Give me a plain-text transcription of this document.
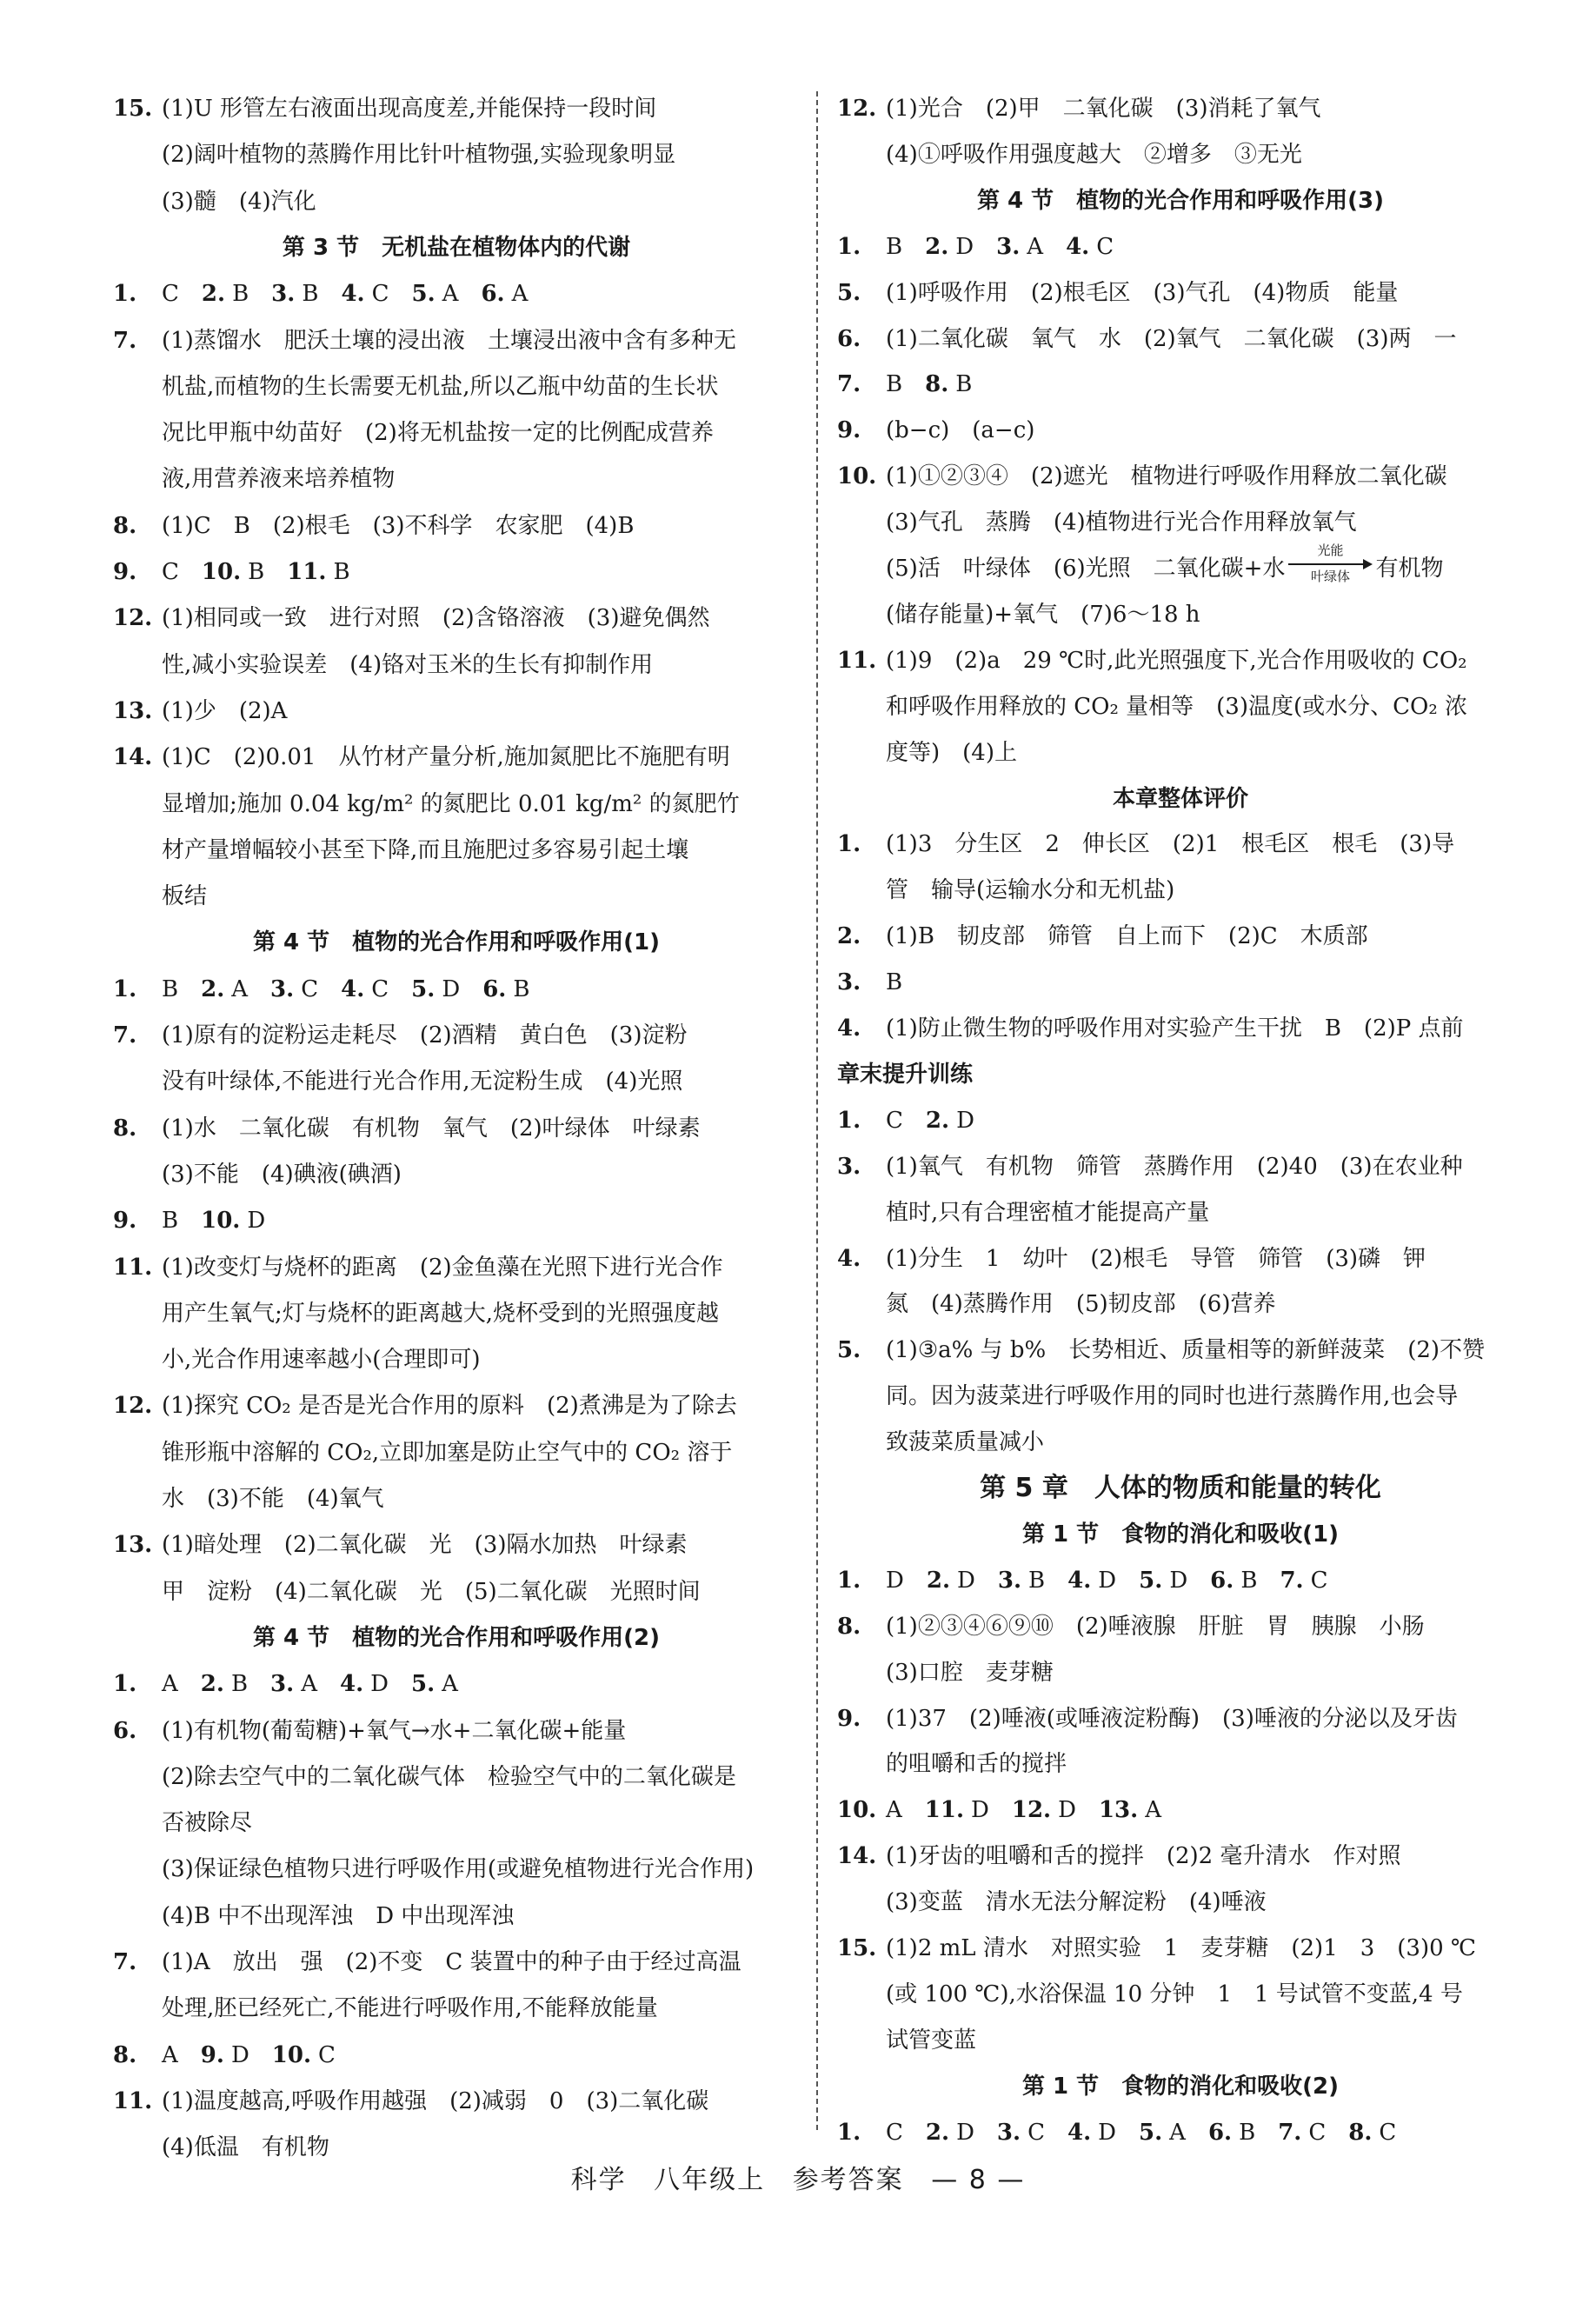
15. (1)U 形管左右液面出现高度差,并能保持一段时间
(2)阔叶植物的蒸腾作用比针叶植物强,实验现象明显
(3)髓　(4)汽化
第 3 节　无机盐在植物体内的代谢
1. C　2. B　3. B　4. C　5. A　6. A
7. (1)蒸馏水　肥沃土壤的浸出液　土壤浸出液中含有多种无
机盐,而植物的生长需要无机盐,所以乙瓶中幼苗的生长状
况比甲瓶中幼苗好　(2)将无机盐按一定的比例配成营养
液,用营养液来培养植物
8. (1)C　B　(2)根毛　(3)不科学　农家肥　(4)B
9. C　10. B　11. B
12. (1)相同或一致　进行对照　(2)含铬溶液　(3)避免偶然
性,减小实验误差　(4)铬对玉米的生长有抑制作用
13. (1)少　(2)A
14. (1)C　(2)0.01　从竹材产量分析,施加氮肥比不施肥有明
显增加;施加 0.04 kg/m² 的氮肥比 0.01 kg/m² 的氮肥竹
材产量增幅较小甚至下降,而且施肥过多容易引起土壤
板结
第 4 节　植物的光合作用和呼吸作用(1)
1. B　2. A　3. C　4. C　5. D　6. B
7. (1)原有的淀粉运走耗尽　(2)酒精　黄白色　(3)淀粉
没有叶绿体,不能进行光合作用,无淀粉生成　(4)光照
8. (1)水　二氧化碳　有机物　氧气　(2)叶绿体　叶绿素
(3)不能　(4)碘液(碘酒)
9. B　10. D
11. (1)改变灯与烧杯的距离　(2)金鱼藻在光照下进行光合作
用产生氧气;灯与烧杯的距离越大,烧杯受到的光照强度越
小,光合作用速率越小(合理即可)
12. (1)探究 CO₂ 是否是光合作用的原料　(2)煮沸是为了除去
锥形瓶中溶解的 CO₂,立即加塞是防止空气中的 CO₂ 溶于
水　(3)不能　(4)氧气
13. (1)暗处理　(2)二氧化碳　光　(3)隔水加热　叶绿素
甲　淀粉　(4)二氧化碳　光　(5)二氧化碳　光照时间
第 4 节　植物的光合作用和呼吸作用(2)
1. A　2. B　3. A　4. D　5. A
6. (1)有机物(葡萄糖)+氧气→水+二氧化碳+能量
(2)除去空气中的二氧化碳气体　检验空气中的二氧化碳是
否被除尽
(3)保证绿色植物只进行呼吸作用(或避免植物进行光合作用)
(4)B 中不出现浑浊　D 中出现浑浊
7. (1)A　放出　强　(2)不变　C 装置中的种子由于经过高温
处理,胚已经死亡,不能进行呼吸作用,不能释放能量
8. A　9. D　10. C
11. (1)温度越高,呼吸作用越强　(2)减弱　0　(3)二氧化碳
(4)低温　有机物
12. (1)光合　(2)甲　二氧化碳　(3)消耗了氧气
(4)①呼吸作用强度越大　②增多　③无光
第 4 节　植物的光合作用和呼吸作用(3)
1. B　2. D　3. A　4. C
5. (1)呼吸作用　(2)根毛区　(3)气孔　(4)物质　能量
6. (1)二氧化碳　氧气　水　(2)氧气　二氧化碳　(3)两　一
7. B　8. B
9. (b−c)　(a−c)
10. (1)①②③④　(2)遮光　植物进行呼吸作用释放二氧化碳
(3)气孔　蒸腾　(4)植物进行光合作用释放氧气
(5)活　叶绿体　(6)光照　二氧化碳+水
光能
叶绿体	有机物
(储存能量)+氧气　(7)6～18 h
11. (1)9　(2)a　29 ℃时,此光照强度下,光合作用吸收的 CO₂
和呼吸作用释放的 CO₂ 量相等　(3)温度(或水分、CO₂ 浓
度等)　(4)上
本章整体评价
1. (1)3　分生区　2　伸长区　(2)1　根毛区　根毛　(3)导
管　输导(运输水分和无机盐)
2. (1)B　韧皮部　筛管　自上而下　(2)C　木质部
3. B
4. (1)防止微生物的呼吸作用对实验产生干扰　B　(2)P 点前
章末提升训练
1. C　2. D
3. (1)氧气　有机物　筛管　蒸腾作用　(2)40　(3)在农业种
植时,只有合理密植才能提高产量
4. (1)分生　1　幼叶　(2)根毛　导管　筛管　(3)磷　钾
氮　(4)蒸腾作用　(5)韧皮部　(6)营养
5. (1)③a% 与 b%　长势相近、质量相等的新鲜菠菜　(2)不赞
同。因为菠菜进行呼吸作用的同时也进行蒸腾作用,也会导
致菠菜质量减小
第 5 章　人体的物质和能量的转化
第 1 节　食物的消化和吸收(1)
1. D　2. D　3. B　4. D　5. D　6. B　7. C
8. (1)②③④⑥⑨⑩　(2)唾液腺　肝脏　胃　胰腺　小肠
(3)口腔　麦芽糖
9. (1)37　(2)唾液(或唾液淀粉酶)　(3)唾液的分泌以及牙齿
的咀嚼和舌的搅拌
10. A　11. D　12. D　13. A
14. (1)牙齿的咀嚼和舌的搅拌　(2)2 毫升清水　作对照
(3)变蓝　清水无法分解淀粉　(4)唾液
15. (1)2 mL 清水　对照实验　1　麦芽糖　(2)1　3　(3)0 ℃
(或 100 ℃),水浴保温 10 分钟　1　1 号试管不变蓝,4 号
试管变蓝
第 1 节　食物的消化和吸收(2)
1. C　2. D　3. C　4. D　5. A　6. B　7. C　8. C
科学 八年级上 参考答案 — 8 —
